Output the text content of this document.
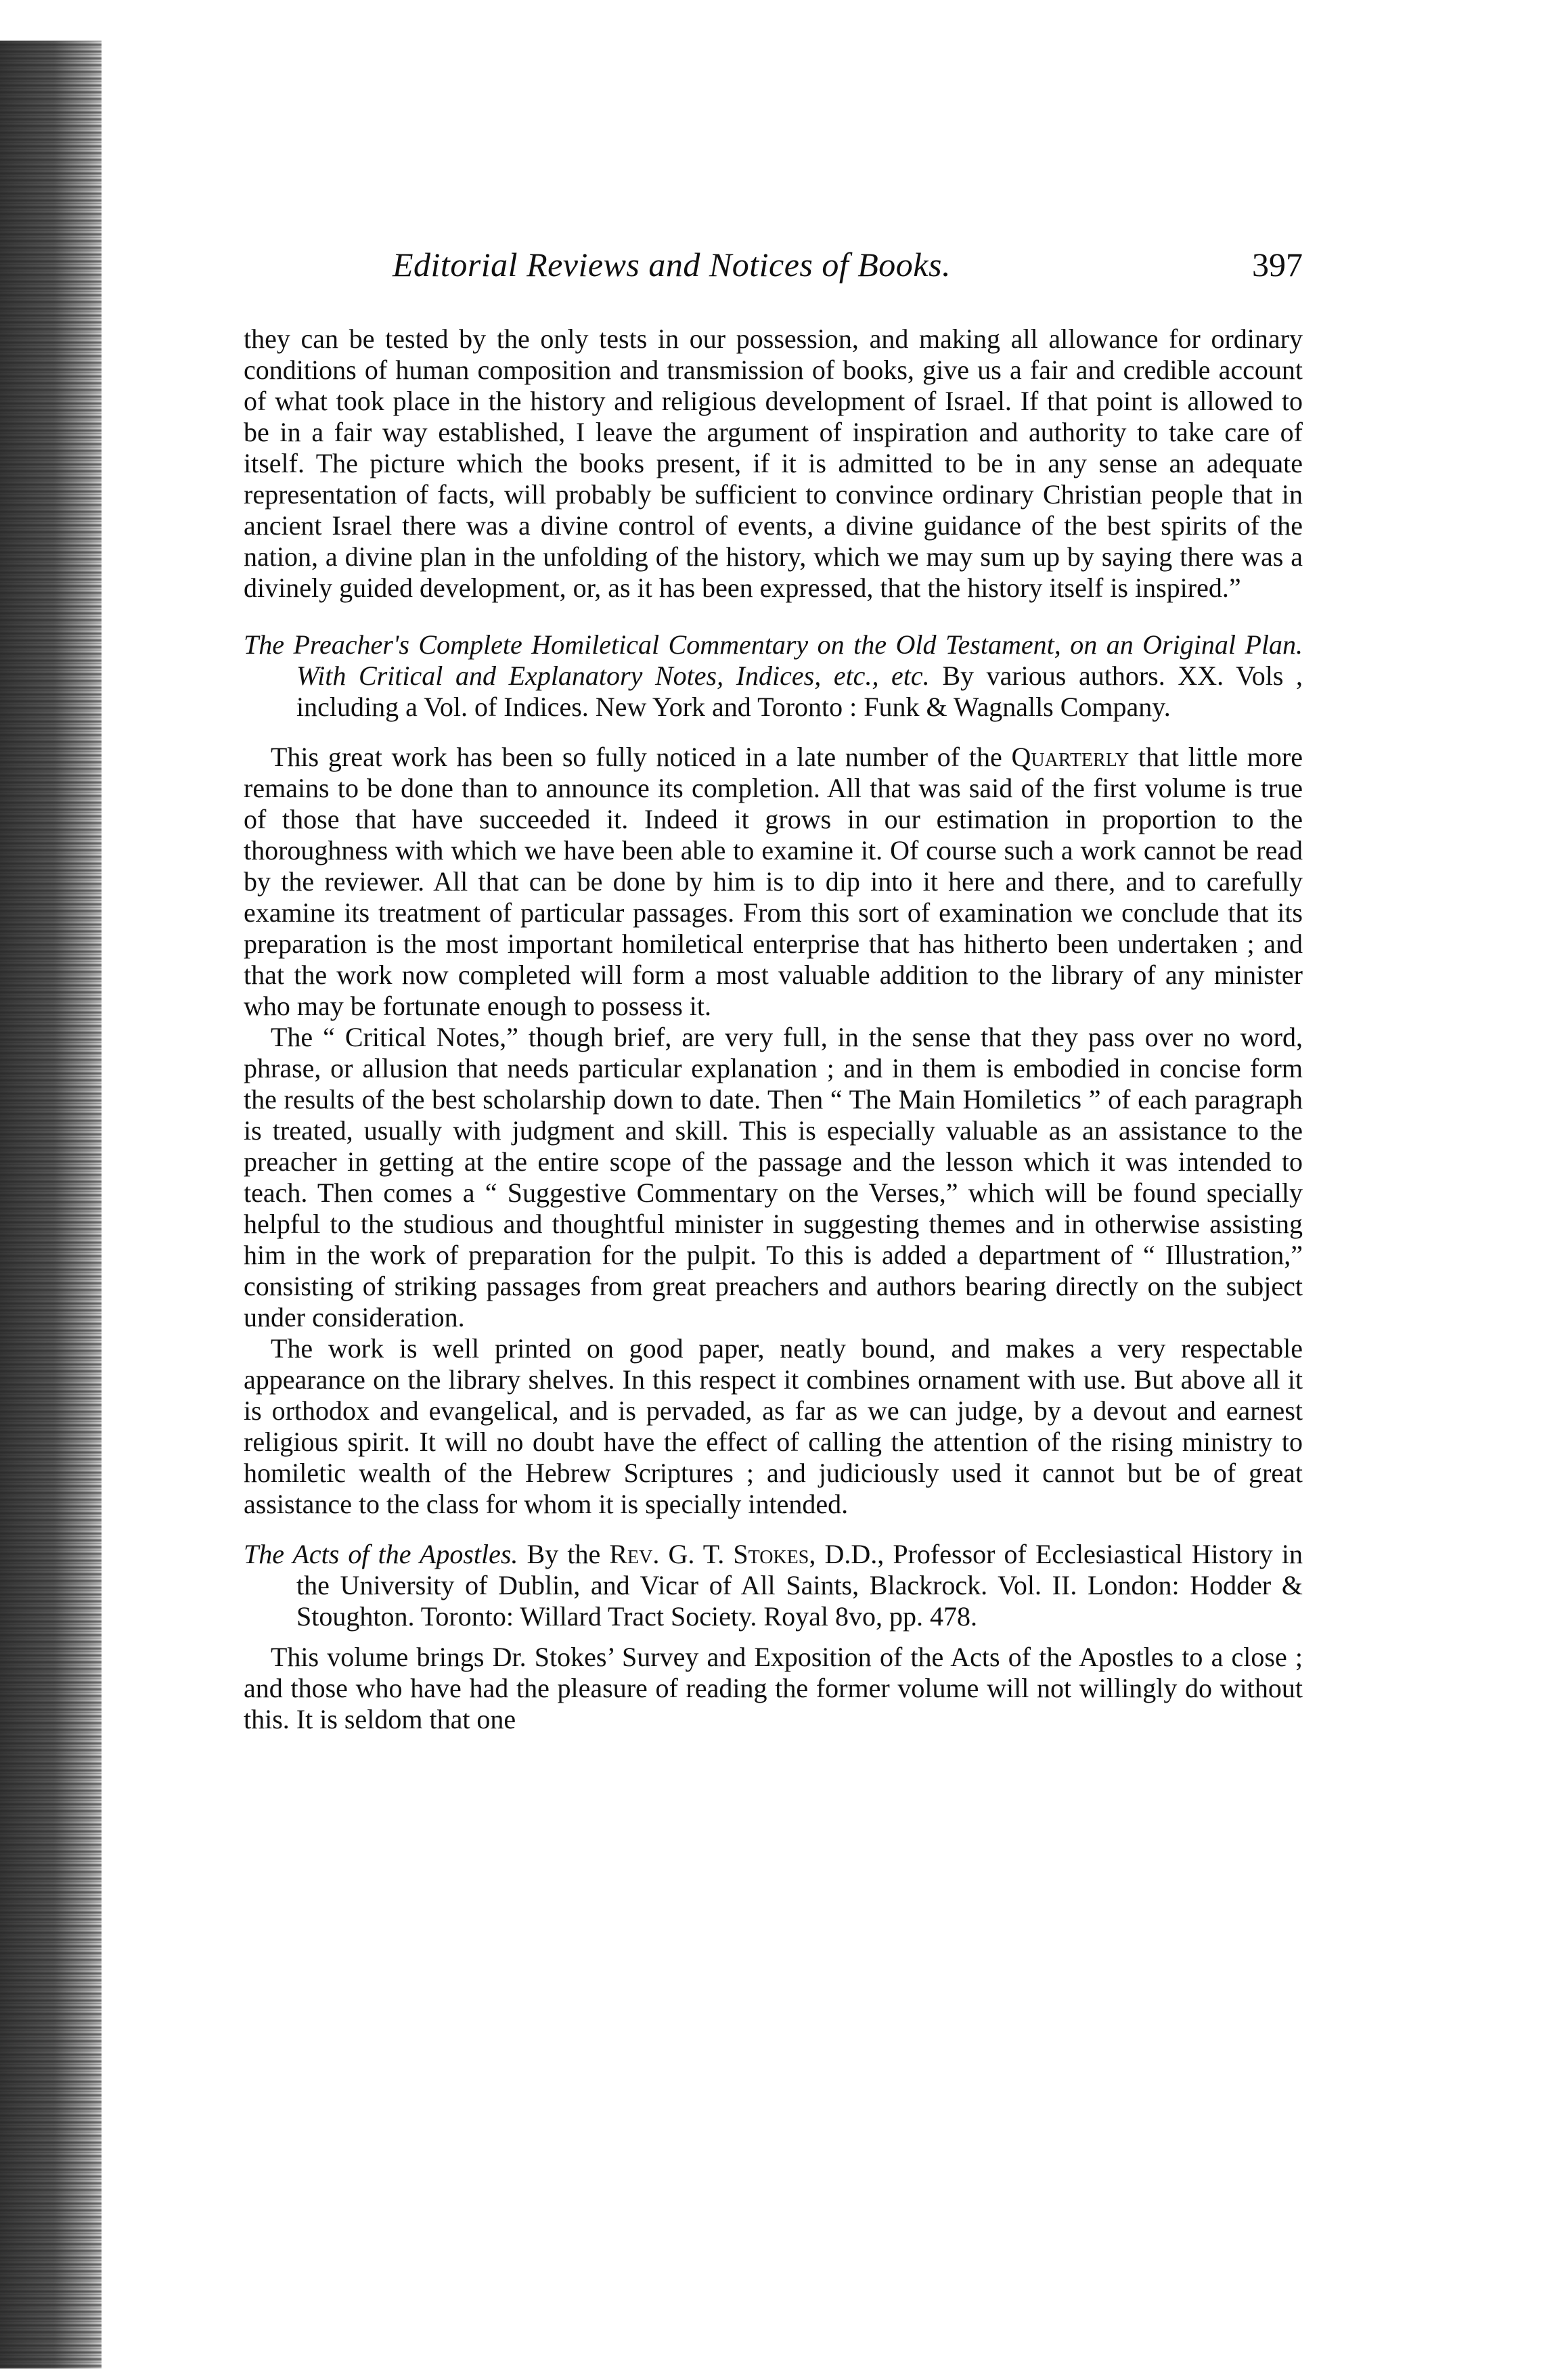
Editorial Reviews and Notices of Books.	397

they can be tested by the only tests in our possession, and making all allowance for ordinary conditions of human composition and transmission of books, give us a fair and credible account of what took place in the history and religious development of Israel. If that point is allowed to be in a fair way established, I leave the argument of inspiration and authority to take care of itself. The picture which the books present, if it is admitted to be in any sense an adequate representation of facts, will probably be sufficient to convince ordinary Christian people that in ancient Israel there was a divine control of events, a divine guidance of the best spirits of the nation, a divine plan in the unfolding of the history, which we may sum up by saying there was a divinely guided development, or, as it has been expressed, that the history itself is inspired.”

The Preacher's Complete Homiletical Commentary on the Old Testament, on an Original Plan. With Critical and Explanatory Notes, Indices, etc., etc. By various authors. XX. Vols , including a Vol. of Indices. New York and Toronto : Funk & Wagnalls Company.

This great work has been so fully noticed in a late number of the Quarterly that little more remains to be done than to announce its completion. All that was said of the first volume is true of those that have succeeded it. Indeed it grows in our estimation in proportion to the thoroughness with which we have been able to examine it. Of course such a work cannot be read by the reviewer. All that can be done by him is to dip into it here and there, and to carefully examine its treatment of particular passages. From this sort of examination we conclude that its preparation is the most important homiletical enterprise that has hitherto been undertaken ; and that the work now completed will form a most valuable addition to the library of any minister who may be fortunate enough to possess it.

The “ Critical Notes,” though brief, are very full, in the sense that they pass over no word, phrase, or allusion that needs particular explanation ; and in them is embodied in concise form the results of the best scholarship down to date. Then “ The Main Homiletics ” of each paragraph is treated, usually with judgment and skill. This is especially valuable as an assistance to the preacher in getting at the entire scope of the passage and the lesson which it was intended to teach. Then comes a “ Suggestive Commentary on the Verses,” which will be found specially helpful to the studious and thoughtful minister in suggesting themes and in otherwise assisting him in the work of preparation for the pulpit. To this is added a department of “ Illustration,” consisting of striking passages from great preachers and authors bearing directly on the subject under consideration.

The work is well printed on good paper, neatly bound, and makes a very respectable appearance on the library shelves. In this respect it combines ornament with use. But above all it is orthodox and evangelical, and is pervaded, as far as we can judge, by a devout and earnest religious spirit. It will no doubt have the effect of calling the attention of the rising ministry to homiletic wealth of the Hebrew Scriptures ; and judiciously used it cannot but be of great assistance to the class for whom it is specially intended.

The Acts of the Apostles. By the Rev. G. T. Stokes, D.D., Professor of Ecclesiastical History in the University of Dublin, and Vicar of All Saints, Blackrock. Vol. II. London: Hodder & Stoughton. Toronto: Willard Tract Society. Royal 8vo, pp. 478.

This volume brings Dr. Stokes’ Survey and Exposition of the Acts of the Apostles to a close ; and those who have had the pleasure of reading the former volume will not willingly do without this. It is seldom that one
